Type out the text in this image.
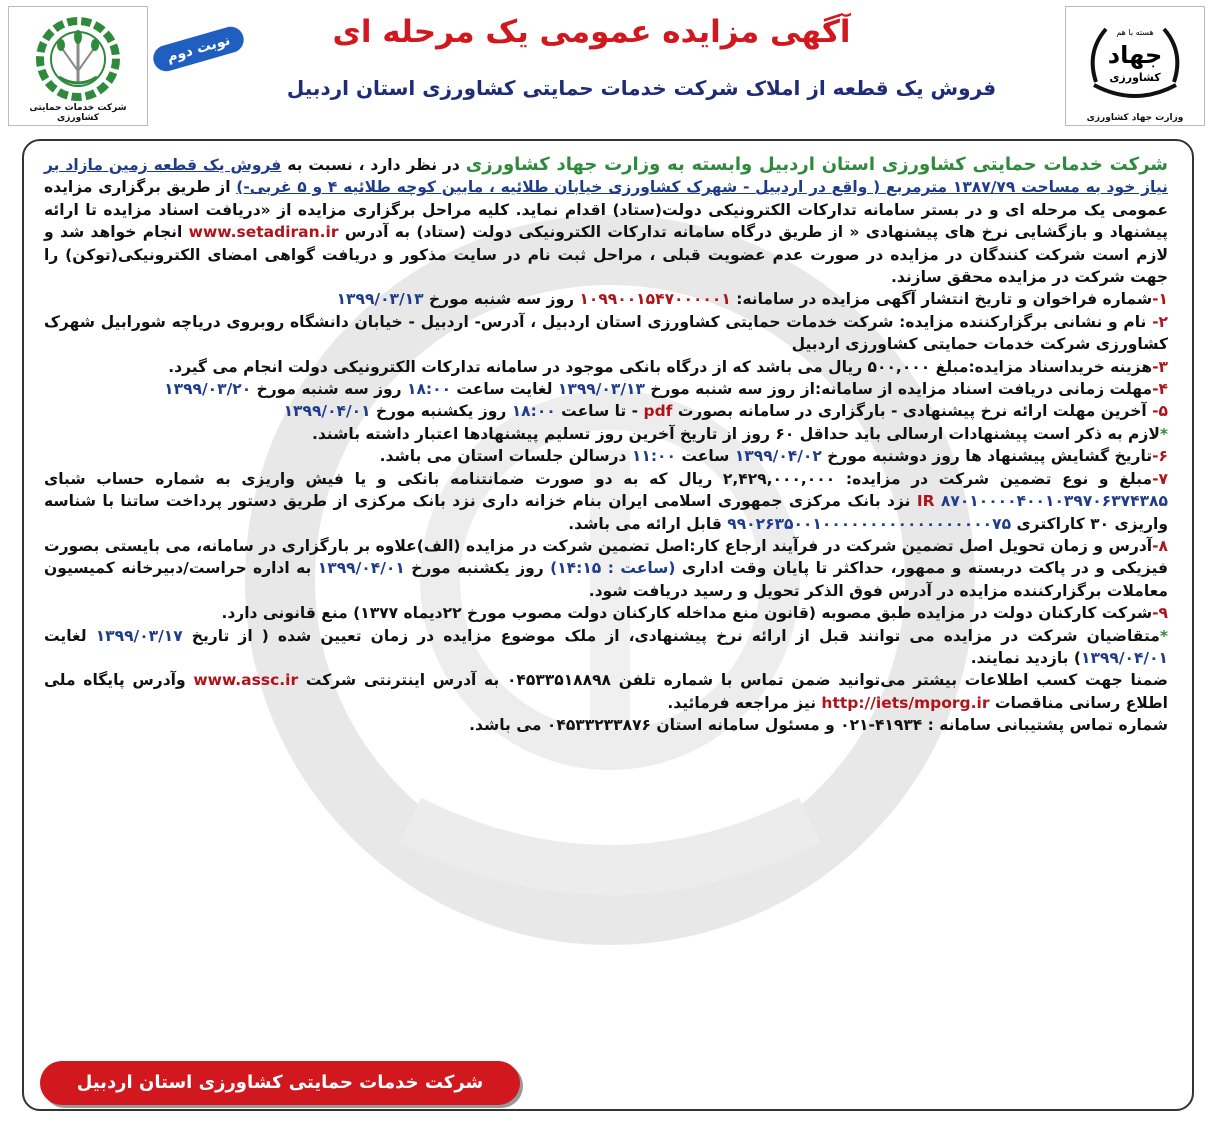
شرکت خدمات حمایتی کشاورزی
هسته با هم
جهاد
کشاورزی
وزارت جهاد کشاورزی
نوبت دوم	آگهی مزایده عمومی یک مرحله ای
فروش یک قطعه از املاک شرکت خدمات حمایتی کشاورزی استان اردبیل

شرکت خدمات حمایتی کشاورزی استان اردبیل وابسته به وزارت جهاد کشاورزی در نظر دارد ، نسبت به فروش یک قطعه زمین مازاد بر نیاز خود به مساحت ۱۳۸۷/۷۹ مترمربع ( واقع در اردبیل - شهرک کشاورزی خیابان طلائیه ، مابین کوچه طلائیه ۴ و ۵ غربی-) از طریق برگزاری مزایده عمومی یک مرحله ای و در بستر سامانه تدارکات الکترونیکی دولت(ستاد) اقدام نماید. کلیه مراحل برگزاری مزایده از «دریافت اسناد مزایده تا ارائه پیشنهاد و بازگشایی نرخ های پیشنهادی « از طریق درگاه سامانه تدارکات الکترونیکی دولت (ستاد) به آدرس www.setadiran.ir انجام خواهد شد و لازم است شرکت کنندگان در مزایده در صورت عدم عضویت قبلی ، مراحل ثبت نام در سایت مذکور و دریافت گواهی امضای الکترونیکی(توکن) را جهت شرکت در مزایده محقق سازند.

۱-شماره فراخوان و تاریخ انتشار آگهی مزایده در سامانه: ۱۰۹۹۰۰۱۵۴۷۰۰۰۰۰۱ روز سه شنبه مورخ ۱۳۹۹/۰۳/۱۳

۲- نام و نشانی برگزارکننده مزایده: شرکت خدمات حمایتی کشاورزی استان اردبیل ، آدرس- اردبیل - خیابان دانشگاه روبروی دریاچه شورابیل شهرک کشاورزی شرکت خدمات حمایتی کشاورزی اردبیل

۳-هزینه خریداسناد مزایده:مبلغ ۵۰۰,۰۰۰ ریال می باشد که از درگاه بانکی موجود در سامانه تدارکات الکترونیکی دولت انجام می گیرد.

۴-مهلت زمانی دریافت اسناد مزایده از سامانه:از روز سه شنبه مورخ ۱۳۹۹/۰۳/۱۳ لغایت ساعت ۱۸:۰۰ روز سه شنبه مورخ ۱۳۹۹/۰۳/۲۰

۵- آخرین مهلت ارائه نرخ پیشنهادی - بارگزاری در سامانه بصورت pdf - تا ساعت ۱۸:۰۰ روز یکشنبه مورخ ۱۳۹۹/۰۴/۰۱

*لازم به ذکر است پیشنهادات ارسالی باید حداقل ۶۰ روز از تاریخ آخرین روز تسلیم پیشنهادها اعتبار داشته باشند.

۶-تاریخ گشایش پیشنهاد ها روز دوشنبه مورخ ۱۳۹۹/۰۴/۰۲ ساعت ۱۱:۰۰ درسالن جلسات استان می باشد.

۷-مبلغ و نوع تضمین شرکت در مزایده: ۲,۴۲۹,۰۰۰,۰۰۰ ریال که به دو صورت ضمانتنامه بانکی و یا فیش واریزی به شماره حساب شبای ۸۷۰۱۰۰۰۰۴۰۰۱۰۳۹۷۰۶۳۷۴۳۸۵ IR نزد بانک مرکزی جمهوری اسلامی ایران بنام خزانه داری نزد بانک مرکزی از طریق دستور پرداخت ساتنا با شناسه واریزی ۳۰ کاراکتری ۹۹۰۲۶۳۵۰۰۱۰۰۰۰۰۰۰۰۰۰۰۰۰۰۰۰۰۰۷۵ قابل ارائه می باشد.

۸-آدرس و زمان تحویل اصل تضمین شرکت در فرآیند ارجاع کار:اصل تضمین شرکت در مزایده (الف)علاوه بر بارگزاری در سامانه، می بایستی بصورت فیزیکی و در پاکت دربسته و ممهور، حداکثر تا پایان وقت اداری (ساعت : ۱۴:۱۵) روز یکشنبه مورخ ۱۳۹۹/۰۴/۰۱ به اداره حراست/دبیرخانه کمیسیون معاملات برگزارکننده مزایده در آدرس فوق الذکر تحویل و رسید دریافت شود.

۹-شرکت کارکنان دولت در مزایده طبق مصوبه (قانون منع مداخله کارکنان دولت مصوب مورخ ۲۲دیماه ۱۳۷۷) منع قانونی دارد.

*متقاضیان شرکت در مزایده می توانند قبل از ارائه نرخ پیشنهادی، از ملک موضوع مزایده در زمان تعیین شده ( از تاریخ ۱۳۹۹/۰۳/۱۷ لغایت ۱۳۹۹/۰۴/۰۱) بازدید نمایند.

ضمنا جهت کسب اطلاعات بیشتر می‌توانید ضمن تماس با شماره تلفن ۰۴۵۳۳۵۱۸۸۹۸ به آدرس اینترنتی شرکت www.assc.ir وآدرس پایگاه ملی اطلاع رسانی مناقصات http://iets/mporg.ir نیز مراجعه فرمائید.

شماره تماس پشتیبانی سامانه : ۴۱۹۳۴-۰۲۱ و مسئول سامانه استان ۰۴۵۳۳۲۳۳۸۷۶ می باشد.

شرکت خدمات حمایتی کشاورزی استان اردبیل
